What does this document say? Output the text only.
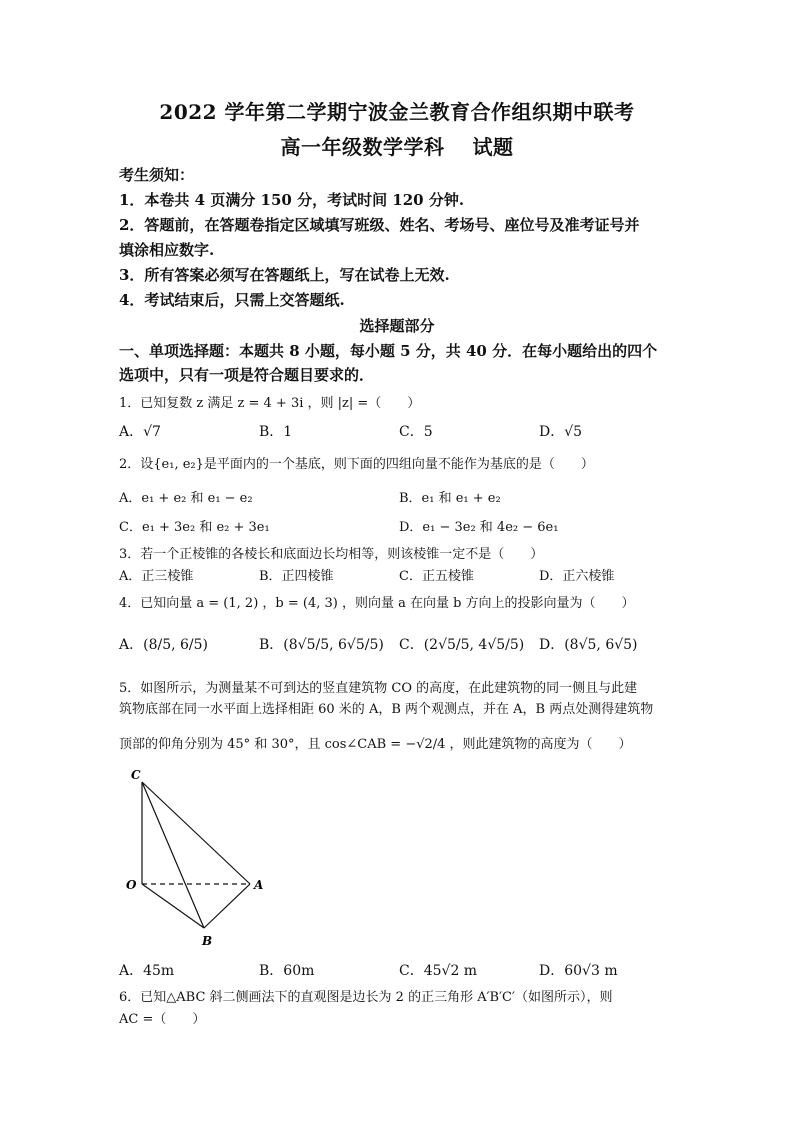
2022 学年第二学期宁波金兰教育合作组织期中联考
高一年级数学学科　 试题
考生须知：
1．本卷共 4 页满分 150 分，考试时间 120 分钟.
2．答题前，在答题卷指定区域填写班级、姓名、考场号、座位号及准考证号并
填涂相应数字.
3．所有答案必须写在答题纸上，写在试卷上无效.
4．考试结束后，只需上交答题纸.
选择题部分
一、单项选择题：本题共 8 小题，每小题 5 分，共 40 分．在每小题给出的四个
选项中，只有一项是符合题目要求的．
1．已知复数 z 满足 z = 4 + 3i ，则 |z| =（　　）
A．√7	B．1	C．5	D．√5
2．设{e₁, e₂}是平面内的一个基底，则下面的四组向量不能作为基底的是（　　）
A．e₁ + e₂ 和 e₁ − e₂	B．e₁ 和 e₁ + e₂
C．e₁ + 3e₂ 和 e₂ + 3e₁	D．e₁ − 3e₂ 和 4e₂ − 6e₁
3．若一个正棱锥的各棱长和底面边长均相等，则该棱锥一定不是（　　）
A．正三棱锥	B．正四棱锥	C．正五棱锥	D．正六棱锥
4．已知向量 a = (1, 2) ，b = (4, 3) ，则向量 a 在向量 b 方向上的投影向量为（　　）
A．(8/5, 6/5)	B．(8√5/5, 6√5/5) C．(2√5/5, 4√5/5) D．(8√5, 6√5)
5．如图所示，为测量某不可到达的竖直建筑物 CO 的高度，在此建筑物的同一侧且与此建
筑物底部在同一水平面上选择相距 60 米的 A，B 两个观测点，并在 A，B 两点处测得建筑物
顶部的仰角分别为 45° 和 30°，且 cos∠CAB = −√2/4 ，则此建筑物的高度为（　　）
C
O	A
B
A．45m	B．60m	C．45√2 m	D．60√3 m
6．已知△ABC 斜二侧画法下的直观图是边长为 2 的正三角形 A′B′C′（如图所示），则
AC =（　　）
